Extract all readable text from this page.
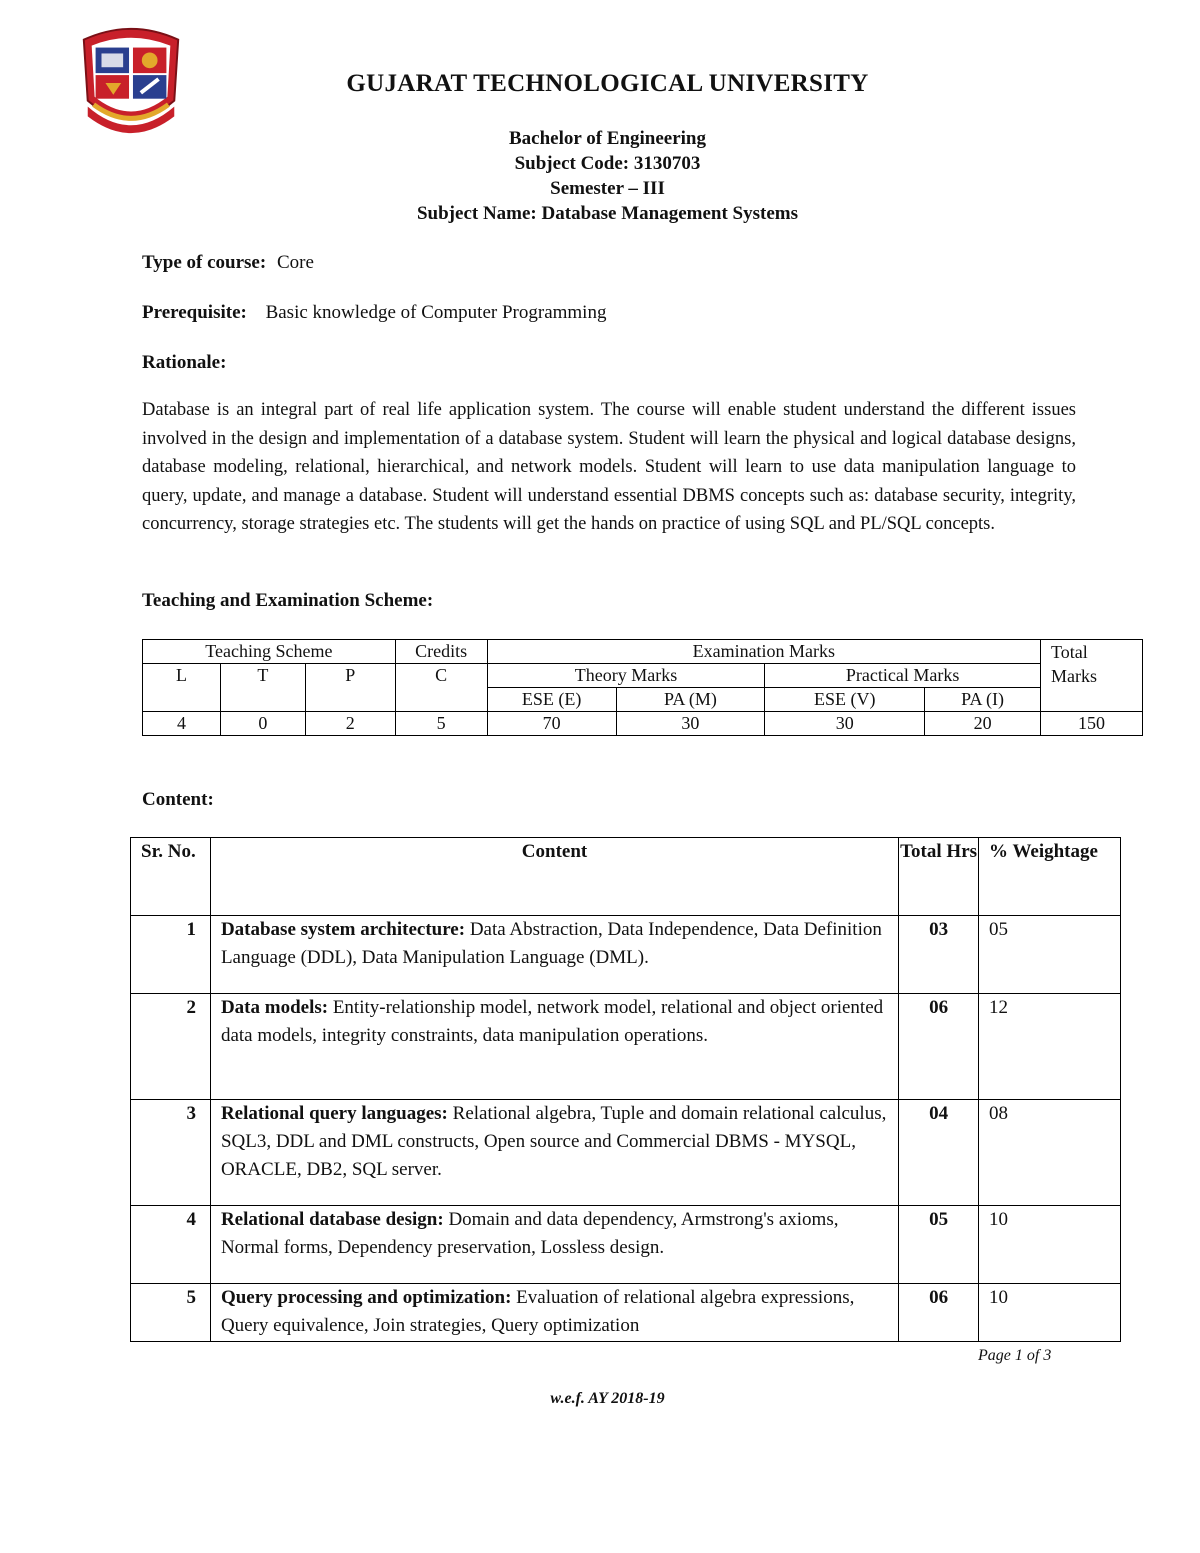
GUJARAT TECHNOLOGICAL UNIVERSITY
Bachelor of Engineering
Subject Code: 3130703
Semester – III
Subject Name: Database Management Systems
Type of course: Core
Prerequisite: Basic knowledge of Computer Programming
Rationale:
Database is an integral part of real life application system. The course will enable student understand the different issues involved in the design and implementation of a database system. Student will learn the physical and logical database designs, database modeling, relational, hierarchical, and network models. Student will learn to use data manipulation language to query, update, and manage a database. Student will understand essential DBMS concepts such as: database security, integrity, concurrency, storage strategies etc. The students will get the hands on practice of using SQL and PL/SQL concepts.
Teaching and Examination Scheme:
Teaching Scheme			Credits	Examination Marks				Total
Marks
L	T	P	C	Theory Marks		Practical Marks		
				ESE (E)	PA (M)	ESE (V)	PA (I)	
4	0	2	5	70	30	30	20	150
Content:
Sr. No.	Content	Total Hrs	% Weightage
1	Database system architecture: Data Abstraction, Data Independence, Data Definition Language (DDL), Data Manipulation Language (DML).	03	05
2	Data models: Entity-relationship model, network model, relational and object oriented data models, integrity constraints, data manipulation operations.	06	12
3	Relational query languages: Relational algebra, Tuple and domain relational calculus, SQL3, DDL and DML constructs, Open source and Commercial DBMS - MYSQL, ORACLE, DB2, SQL server.	04	08
4	Relational database design: Domain and data dependency, Armstrong's axioms, Normal forms, Dependency preservation, Lossless design.	05	10
5	Query processing and optimization: Evaluation of relational algebra expressions, Query equivalence, Join strategies, Query optimization	06	10
Page 1 of 3
w.e.f. AY 2018-19
